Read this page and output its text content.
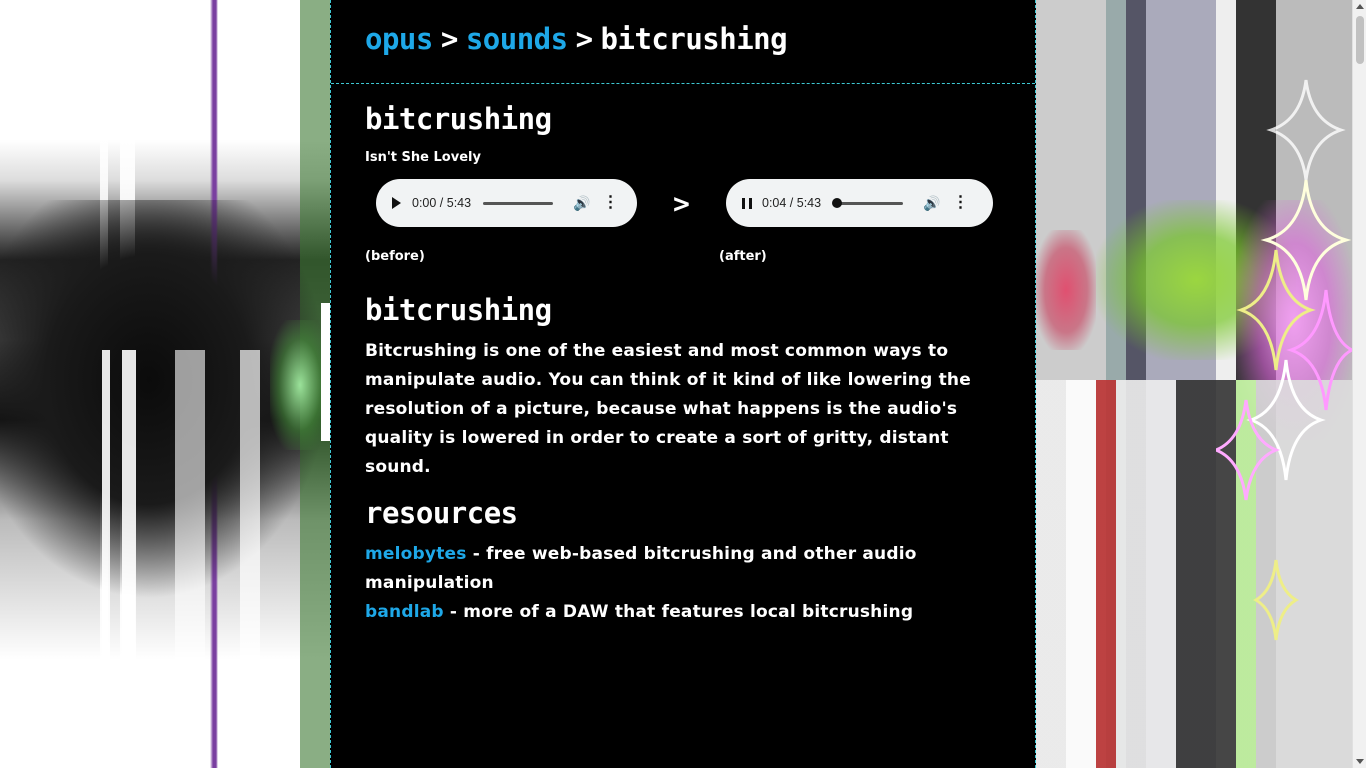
opus > sounds > bitcrushing
bitcrushing
Isn't She Lovely
0:00 / 5:43	🔊 ⋮ >	0:04 / 5:43	🔊 ⋮
(before)	(after)
bitcrushing

Bitcrushing is one of the easiest and most common ways to manipulate audio. You can think of it kind of like lowering the resolution of a picture, because what happens is the audio's quality is lowered in order to create a sort of gritty, distant sound.

resources
melobytes - free web-based bitcrushing and other audio manipulation
bandlab - more of a DAW that features local bitcrushing
